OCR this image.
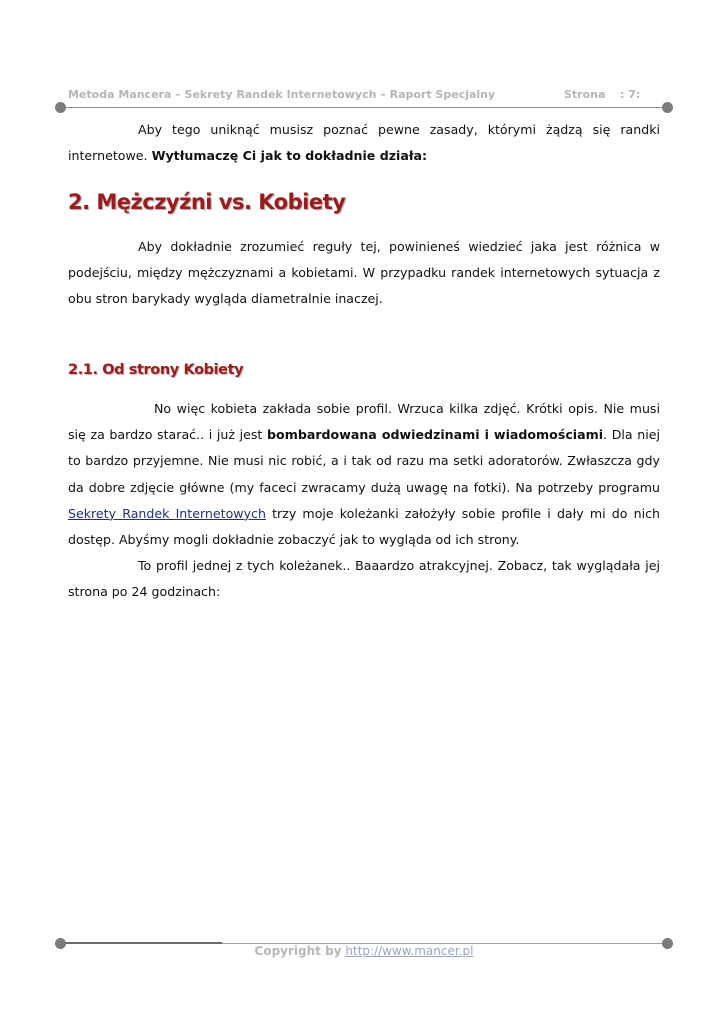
Metoda Mancera – Sekrety Randek Internetowych – Raport Specjalny	Strona : 7:
Aby tego uniknąć musisz poznać pewne zasady, którymi żądzą się randki internetowe. Wytłumaczę Ci jak to dokładnie działa:
2. Mężczyźni vs. Kobiety
Aby dokładnie zrozumieć reguły tej, powinieneś wiedzieć jaka jest różnica w podejściu, między mężczyznami a kobietami. W przypadku randek internetowych sytuacja z obu stron barykady wygląda diametralnie inaczej.
2.1. Od strony Kobiety
No więc kobieta zakłada sobie profil. Wrzuca kilka zdjęć. Krótki opis. Nie musi się za bardzo starać.. i już jest bombardowana odwiedzinami i wiadomościami. Dla niej to bardzo przyjemne. Nie musi nic robić, a i tak od razu ma setki adoratorów. Zwłaszcza gdy da dobre zdjęcie główne (my faceci zwracamy dużą uwagę na fotki). Na potrzeby programu Sekrety Randek Internetowych trzy moje koleżanki założyły sobie profile i dały mi do nich dostęp. Abyśmy mogli dokładnie zobaczyć jak to wygląda od ich strony.
To profil jednej z tych koleżanek.. Baaardzo atrakcyjnej. Zobacz, tak wyglądała jej strona po 24 godzinach:
Copyright by http://www.mancer.pl
